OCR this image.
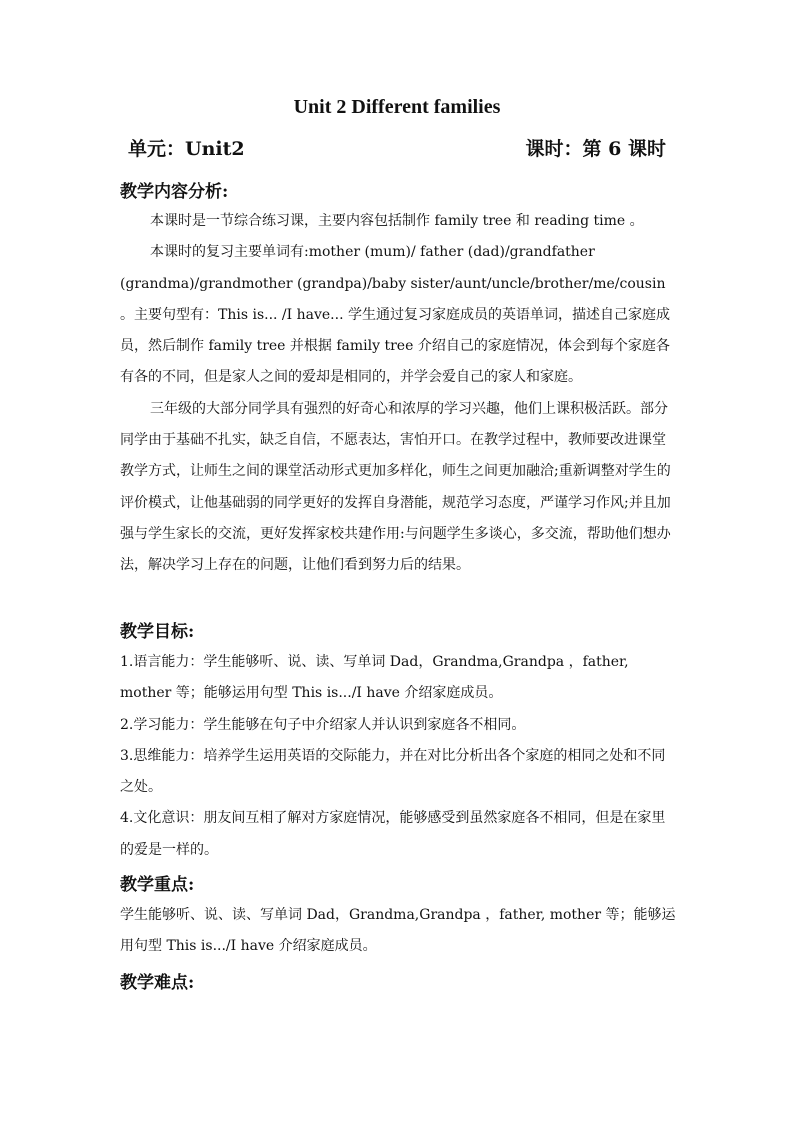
Unit 2 Different families
单元：Unit2	课时：第 6 课时
教学内容分析:

本课时是一节综合练习课，主要内容包括制作 family tree 和 reading time 。

本课时的复习主要单词有:mother (mum)/ father (dad)/grandfather (grandma)/grandmother (grandpa)/baby sister/aunt/uncle/brother/me/cousin 。主要句型有：This is... /I have... 学生通过复习家庭成员的英语单词，描述自己家庭成员，然后制作 family tree 并根据 family tree 介绍自己的家庭情况，体会到每个家庭各有各的不同，但是家人之间的爱却是相同的，并学会爱自己的家人和家庭。

三年级的大部分同学具有强烈的好奇心和浓厚的学习兴趣，他们上课积极活跃。部分同学由于基础不扎实，缺乏自信，不愿表达，害怕开口。在教学过程中，教师要改进课堂教学方式，让师生之间的课堂活动形式更加多样化，师生之间更加融洽;重新调整对学生的评价模式，让他基础弱的同学更好的发挥自身潜能，规范学习态度，严谨学习作风;并且加强与学生家长的交流，更好发挥家校共建作用:与问题学生多谈心，多交流，帮助他们想办法，解决学习上存在的问题，让他们看到努力后的结果。

教学目标:

1.语言能力：学生能够听、说、读、写单词 Dad，Grandma,Grandpa ，father, mother 等；能够运用句型 This is.../I have 介绍家庭成员。

2.学习能力：学生能够在句子中介绍家人并认识到家庭各不相同。

3.思维能力：培养学生运用英语的交际能力，并在对比分析出各个家庭的相同之处和不同之处。

4.文化意识：朋友间互相了解对方家庭情况，能够感受到虽然家庭各不相同，但是在家里的爱是一样的。

教学重点:

学生能够听、说、读、写单词 Dad，Grandma,Grandpa ，father, mother 等；能够运用句型 This is.../I have 介绍家庭成员。

教学难点:
